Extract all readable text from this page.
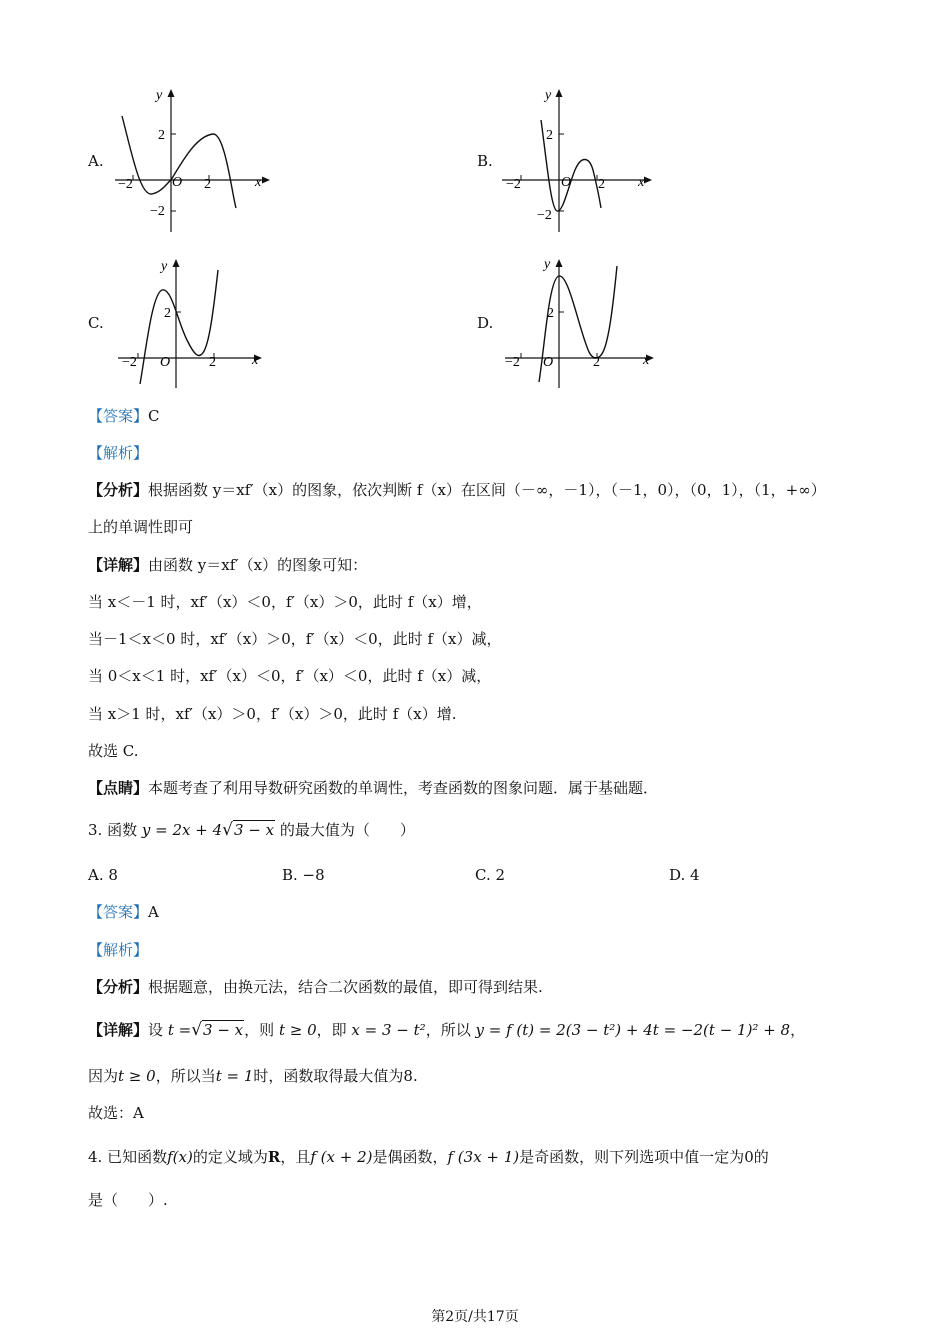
A.
y
x
O
2
−2
2
−2
B.
y
x
O
2
−2
2
−2
C.
y
x
O
2
2
−2
D.
y
x
O
2
2
−2
【答案】C
【解析】
【分析】根据函数 y＝xf′（x）的图象，依次判断 f（x）在区间（－∞，－1），（－1，0），（0，1），（1，+∞）
上的单调性即可
【详解】由函数 y＝xf′（x）的图象可知：
当 x＜－1 时，xf′（x）＜0，f′（x）＞0，此时 f（x）增，
当－1＜x＜0 时，xf′（x）＞0，f′（x）＜0，此时 f（x）减，
当 0＜x＜1 时，xf′（x）＜0，f′（x）＜0，此时 f（x）减，
当 x＞1 时，xf′（x）＞0，f′（x）＞0，此时 f（x）增.
故选 C.
【点睛】本题考查了利用导数研究函数的单调性，考查函数的图象问题．属于基础题．
3. 函数 y = 2x + 4√3 − x 的最大值为（　　）
A. 8	B. −8	C. 2	D. 4
【答案】A
【解析】
【分析】根据题意，由换元法，结合二次函数的最值，即可得到结果.
【详解】设 t =√3 − x，则 t ≥ 0，即 x = 3 − t²，所以 y = f (t) = 2(3 − t²) + 4t = −2(t − 1)² + 8，
因为t ≥ 0，所以当t = 1时，函数取得最大值为8.
故选：A
4. 已知函数f(x)的定义域为R，且f (x + 2)是偶函数，f (3x + 1)是奇函数，则下列选项中值一定为0的
是（　　）.
第2页/共17页
